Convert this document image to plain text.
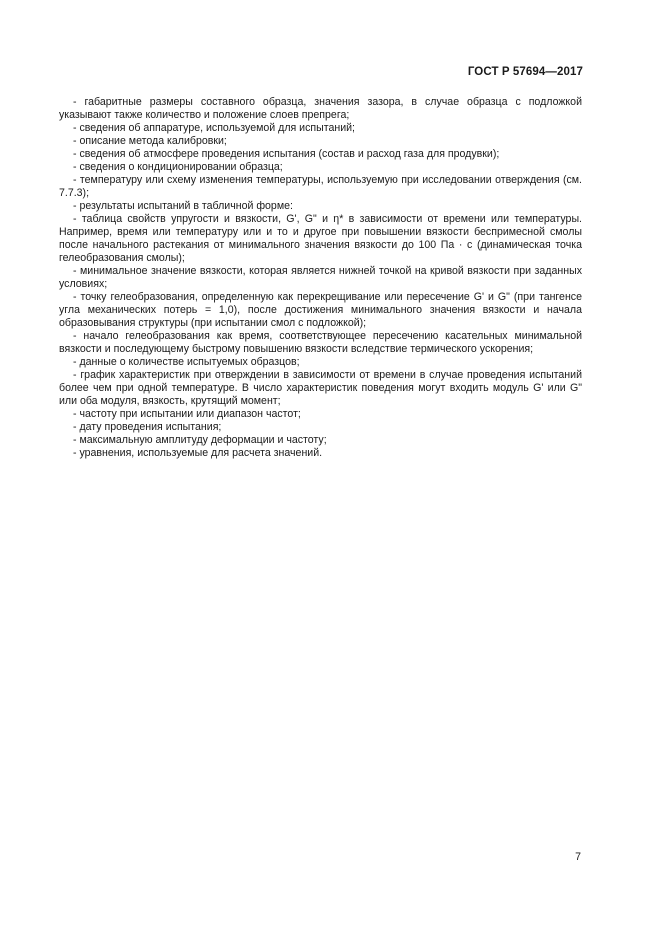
ГОСТ Р 57694—2017

- габаритные размеры составного образца, значения зазора, в случае образца с подложкой указывают также количество и положение слоев препрега;

- сведения об аппаратуре, используемой для испытаний;

- описание метода калибровки;

- сведения об атмосфере проведения испытания (состав и расход газа для продувки);

- сведения о кондиционировании образца;

- температуру или схему изменения температуры, используемую при исследовании отверждения (см. 7.7.3);

- результаты испытаний в табличной форме:

- таблица свойств упругости и вязкости, G', G" и η* в зависимости от времени или температуры. Например, время или температуру или и то и другое при повышении вязкости беспримесной смолы после начального растекания от минимального значения вязкости до 100 Па · с (динамическая точка гелеобразования смолы);

- минимальное значение вязкости, которая является нижней точкой на кривой вязкости при заданных условиях;

- точку гелеобразования, определенную как перекрещивание или пересечение G' и G" (при тангенсе угла механических потерь = 1,0), после достижения минимального значения вязкости и начала образовывания структуры (при испытании смол с подложкой);

- начало гелеобразования как время, соответствующее пересечению касательных минимальной вязкости и последующему быстрому повышению вязкости вследствие термического ускорения;

- данные о количестве испытуемых образцов;

- график характеристик при отверждении в зависимости от времени в случае проведения испытаний более чем при одной температуре. В число характеристик поведения могут входить модуль G' или G" или оба модуля, вязкость, крутящий момент;

- частоту при испытании или диапазон частот;

- дату проведения испытания;

- максимальную амплитуду деформации и частоту;

- уравнения, используемые для расчета значений.

7
